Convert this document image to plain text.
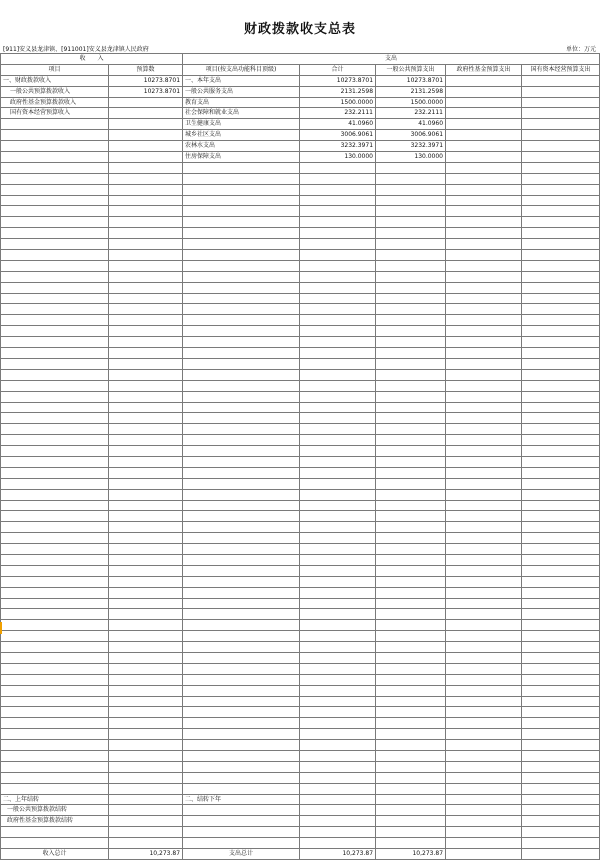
财政拨款收支总表
[911]安义县龙津镇、[911001]安义县龙津镇人民政府	单位：万元
收　　入		支出				
项目	预算数	项目(按支出功能科目顶级)	合计	一般公共预算支出	政府性基金预算支出	国有资本经营预算支出
一、财政拨款收入	10273.8701	一、本年支出	10273.8701	10273.8701		
一般公共预算拨款收入	10273.8701	一般公共服务支出	2131.2598	2131.2598		
政府性基金预算拨款收入		教育支出	1500.0000	1500.0000		
国有资本经营预算收入		社会保障和就业支出	232.2111	232.2111		
		卫生健康支出	41.0960	41.0960		
		城乡社区支出	3006.9061	3006.9061		
		农林水支出	3232.3971	3232.3971		
		住房保障支出	130.0000	130.0000		

二、上年结转		二、结转下年				
一般公共预算拨款结转						
政府性基金预算拨款结转						

收入总计	10,273.87	支出总计	10,273.87	10,273.87		
